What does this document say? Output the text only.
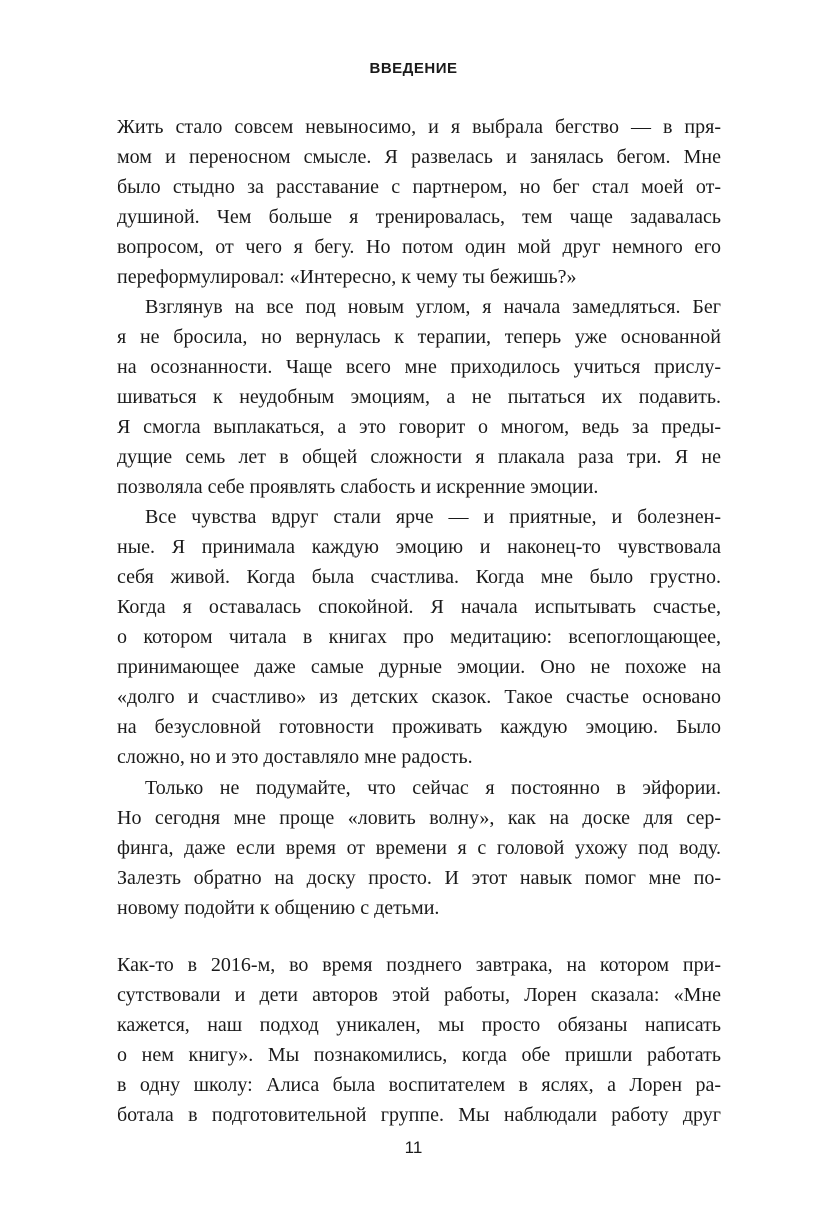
ВВЕДЕНИЕ
Жить стало совсем невыносимо, и я выбрала бегство — в пря-
мом и переносном смысле. Я развелась и занялась бегом. Мне
было стыдно за расставание с партнером, но бег стал моей от-
душиной. Чем больше я тренировалась, тем чаще задавалась
вопросом, от чего я бегу. Но потом один мой друг немного его
переформулировал: «Интересно, к чему ты бежишь?»
Взглянув на все под новым углом, я начала замедляться. Бег
я не бросила, но вернулась к терапии, теперь уже основанной
на осознанности. Чаще всего мне приходилось учиться прислу-
шиваться к неудобным эмоциям, а не пытаться их подавить.
Я смогла выплакаться, а это говорит о многом, ведь за преды-
дущие семь лет в общей сложности я плакала раза три. Я не
позволяла себе проявлять слабость и искренние эмоции.
Все чувства вдруг стали ярче — и приятные, и болезнен-
ные. Я принимала каждую эмоцию и наконец-то чувствовала
себя живой. Когда была счастлива. Когда мне было грустно.
Когда я оставалась спокойной. Я начала испытывать счастье,
о котором читала в книгах про медитацию: всепоглощающее,
принимающее даже самые дурные эмоции. Оно не похоже на
«долго и счастливо» из детских сказок. Такое счастье основано
на безусловной готовности проживать каждую эмоцию. Было
сложно, но и это доставляло мне радость.
Только не подумайте, что сейчас я постоянно в эйфории.
Но сегодня мне проще «ловить волну», как на доске для сер-
финга, даже если время от времени я с головой ухожу под воду.
Залезть обратно на доску просто. И этот навык помог мне по-
новому подойти к общению с детьми.
Как-то в 2016-м, во время позднего завтрака, на котором при-
сутствовали и дети авторов этой работы, Лорен сказала: «Мне
кажется, наш подход уникален, мы просто обязаны написать
о нем книгу». Мы познакомились, когда обе пришли работать
в одну школу: Алиса была воспитателем в яслях, а Лорен ра-
ботала в подготовительной группе. Мы наблюдали работу друг
11
